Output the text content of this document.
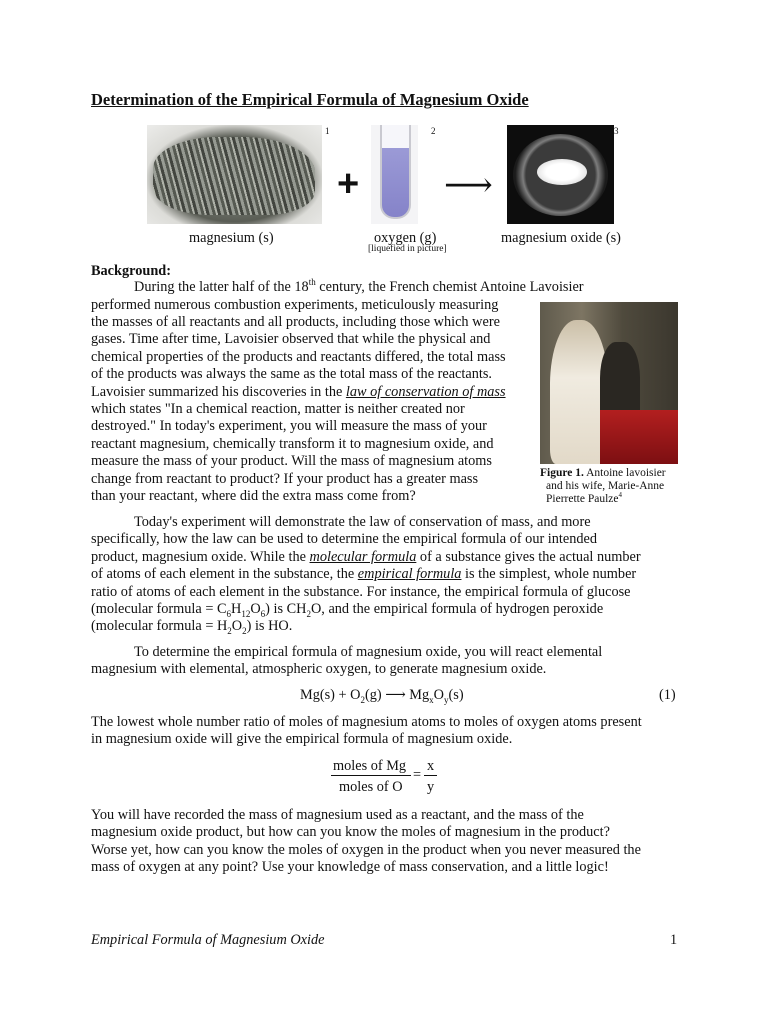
Determination of the Empirical Formula of Magnesium Oxide
1	2	3
+ ⟶
magnesium (s)	oxygen (g)
[liquefied in picture]
magnesium oxide (s)
Background:
During the latter half of the 18th century, the French chemist Antoine Lavoisier
performed numerous combustion experiments, meticulously measuring
the masses of all reactants and all products, including those which were
gases. Time after time, Lavoisier observed that while the physical and
chemical properties of the products and reactants differed, the total mass
of the products was always the same as the total mass of the reactants.
Lavoisier summarized his discoveries in the law of conservation of mass
which states "In a chemical reaction, matter is neither created nor
destroyed." In today's experiment, you will measure the mass of your
reactant magnesium, chemically transform it to magnesium oxide, and
measure the mass of your product. Will the mass of magnesium atoms
change from reactant to product? If your product has a greater mass
than your reactant, where did the extra mass come from?
Figure 1. Antoine lavoisier
and his wife, Marie-Anne
Pierrette Paulze$^4$
Today's experiment will demonstrate the law of conservation of mass, and more
specifically, how the law can be used to determine the empirical formula of our intended
product, magnesium oxide. While the molecular formula of a substance gives the actual number
of atoms of each element in the substance, the empirical formula is the simplest, whole number
ratio of atoms of each element in the substance. For instance, the empirical formula of glucose
(molecular formula = $C_6H_{12}O_6$) is $CH_2O$, and the empirical formula of hydrogen peroxide
(molecular formula = $H_2O_2$) is HO.
To determine the empirical formula of magnesium oxide, you will react elemental
magnesium with elemental, atmospheric oxygen, to generate magnesium oxide.
$Mg(s) + O_2(g)$ ⟶ $Mg_xO_y(s)$	(1)
The lowest whole number ratio of moles of magnesium atoms to moles of oxygen atoms present
in magnesium oxide will give the empirical formula of magnesium oxide.
moles of Mg
moles of O
=
x
y
You will have recorded the mass of magnesium used as a reactant, and the mass of the
magnesium oxide product, but how can you know the moles of magnesium in the product?
Worse yet, how can you know the moles of oxygen in the product when you never measured the
mass of oxygen at any point? Use your knowledge of mass conservation, and a little logic!
Empirical Formula of Magnesium Oxide	1
